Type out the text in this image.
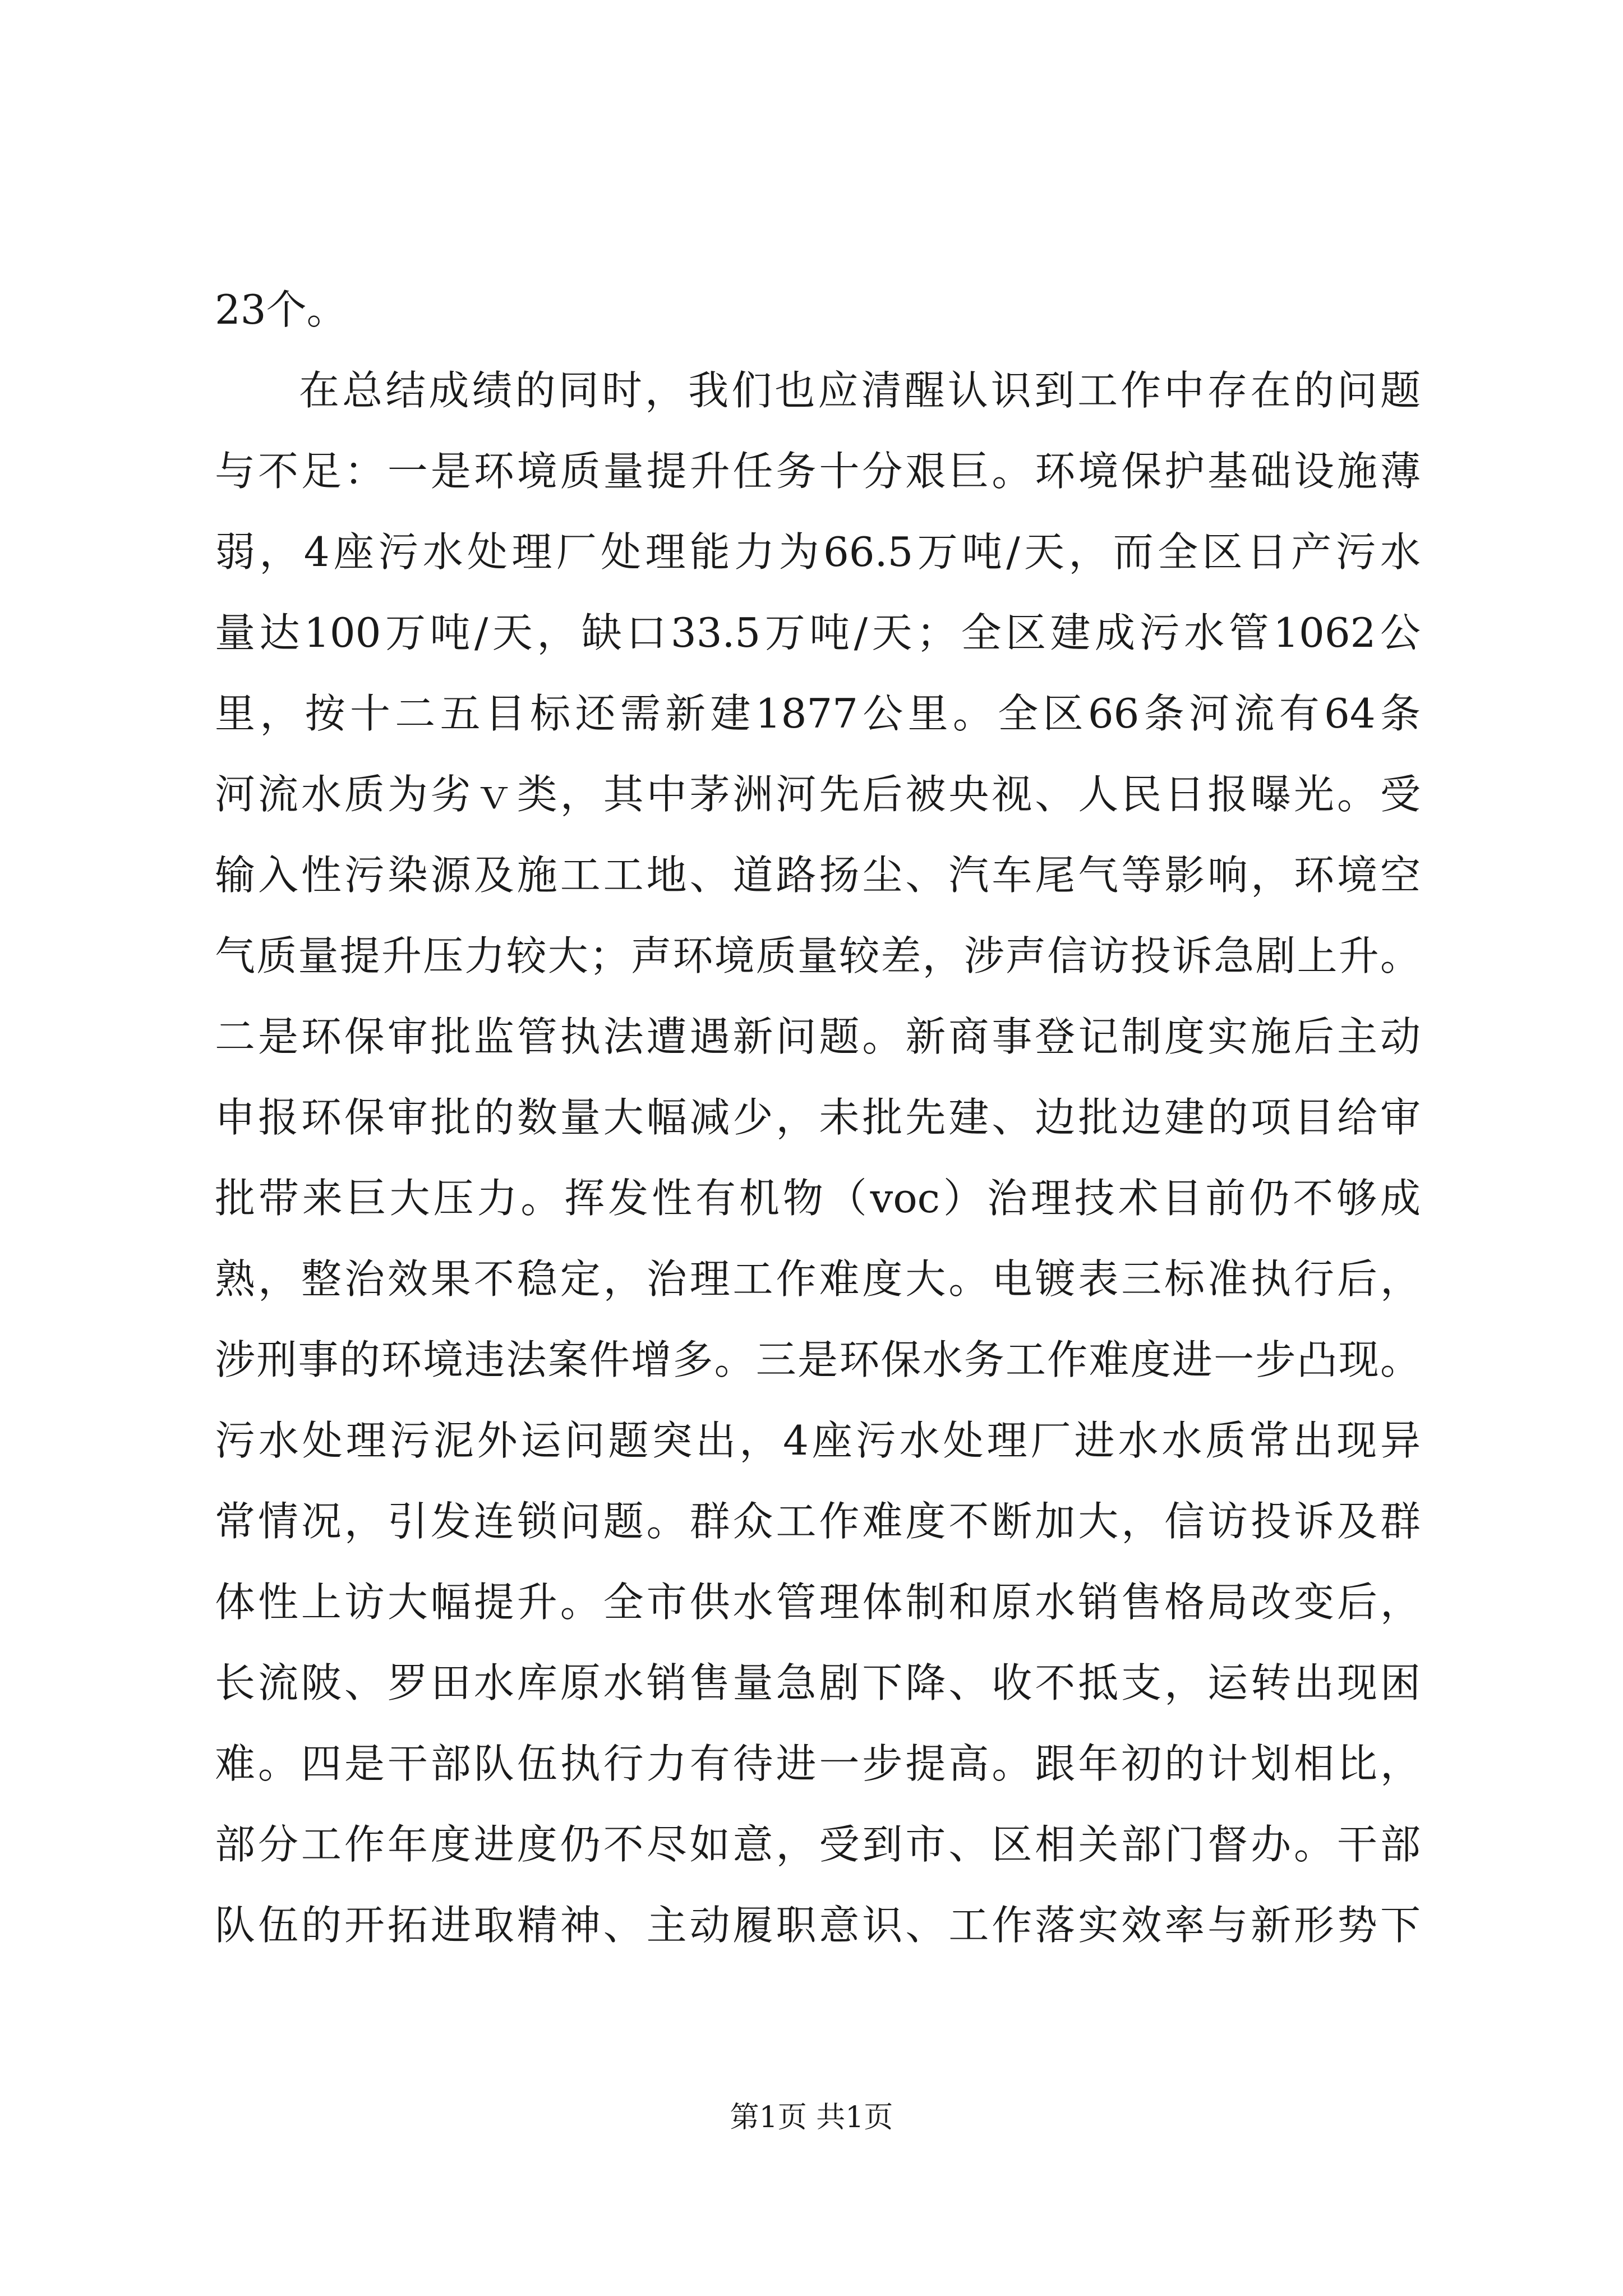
23个。
在总结成绩的同时，我们也应清醒认识到工作中存在的问题
与不足：一是环境质量提升任务十分艰巨。环境保护基础设施薄
弱，4座污水处理厂处理能力为66.5万吨/天，而全区日产污水
量达100万吨/天，缺口33.5万吨/天；全区建成污水管1062公
里，按十二五目标还需新建1877公里。全区66条河流有64条
河流水质为劣ｖ类，其中茅洲河先后被央视、人民日报曝光。受
输入性污染源及施工工地、道路扬尘、汽车尾气等影响，环境空
气质量提升压力较大；声环境质量较差，涉声信访投诉急剧上升。
二是环保审批监管执法遭遇新问题。新商事登记制度实施后主动
申报环保审批的数量大幅减少，未批先建、边批边建的项目给审
批带来巨大压力。挥发性有机物（voc）治理技术目前仍不够成
熟，整治效果不稳定，治理工作难度大。电镀表三标准执行后，
涉刑事的环境违法案件增多。三是环保水务工作难度进一步凸现。
污水处理污泥外运问题突出，4座污水处理厂进水水质常出现异
常情况，引发连锁问题。群众工作难度不断加大，信访投诉及群
体性上访大幅提升。全市供水管理体制和原水销售格局改变后，
长流陂、罗田水库原水销售量急剧下降、收不抵支，运转出现困
难。四是干部队伍执行力有待进一步提高。跟年初的计划相比，
部分工作年度进度仍不尽如意，受到市、区相关部门督办。干部
队伍的开拓进取精神、主动履职意识、工作落实效率与新形势下
第1页 共1页
